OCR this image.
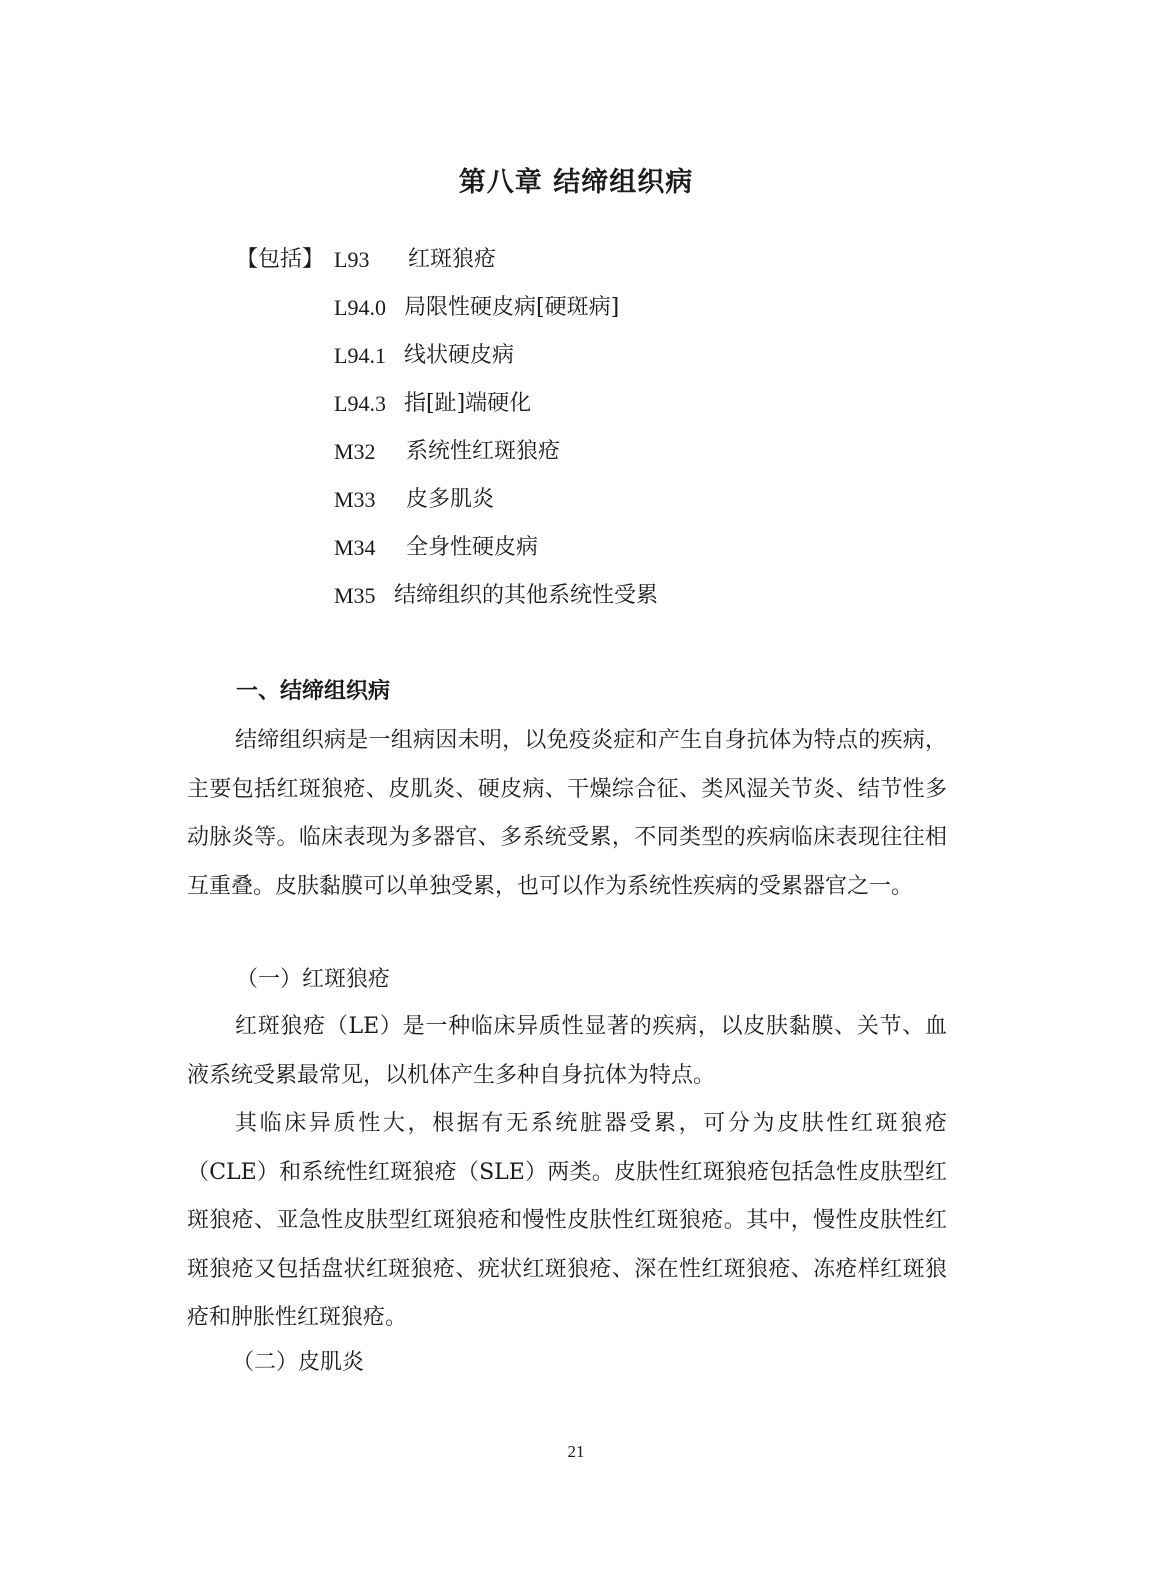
第八章 结缔组织病
【包括】 L93 红斑狼疮
L94.0 局限性硬皮病[硬斑病]
L94.1 线状硬皮病
L94.3 指[趾]端硬化
M32 系统性红斑狼疮
M33 皮多肌炎
M34 全身性硬皮病
M35 结缔组织的其他系统性受累
一、结缔组织病

结缔组织病是一组病因未明，以免疫炎症和产生自身抗体为特点的疾病，主要包括红斑狼疮、皮肌炎、硬皮病、干燥综合征、类风湿关节炎、结节性多动脉炎等。临床表现为多器官、多系统受累，不同类型的疾病临床表现往往相互重叠。皮肤黏膜可以单独受累，也可以作为系统性疾病的受累器官之一。

（一）红斑狼疮

红斑狼疮（LE）是一种临床异质性显著的疾病，以皮肤黏膜、关节、血液系统受累最常见，以机体产生多种自身抗体为特点。

其临床异质性大，根据有无系统脏器受累，可分为皮肤性红斑狼疮（CLE）和系统性红斑狼疮（SLE）两类。皮肤性红斑狼疮包括急性皮肤型红斑狼疮、亚急性皮肤型红斑狼疮和慢性皮肤性红斑狼疮。其中，慢性皮肤性红斑狼疮又包括盘状红斑狼疮、疣状红斑狼疮、深在性红斑狼疮、冻疮样红斑狼疮和肿胀性红斑狼疮。

（二）皮肌炎
21
